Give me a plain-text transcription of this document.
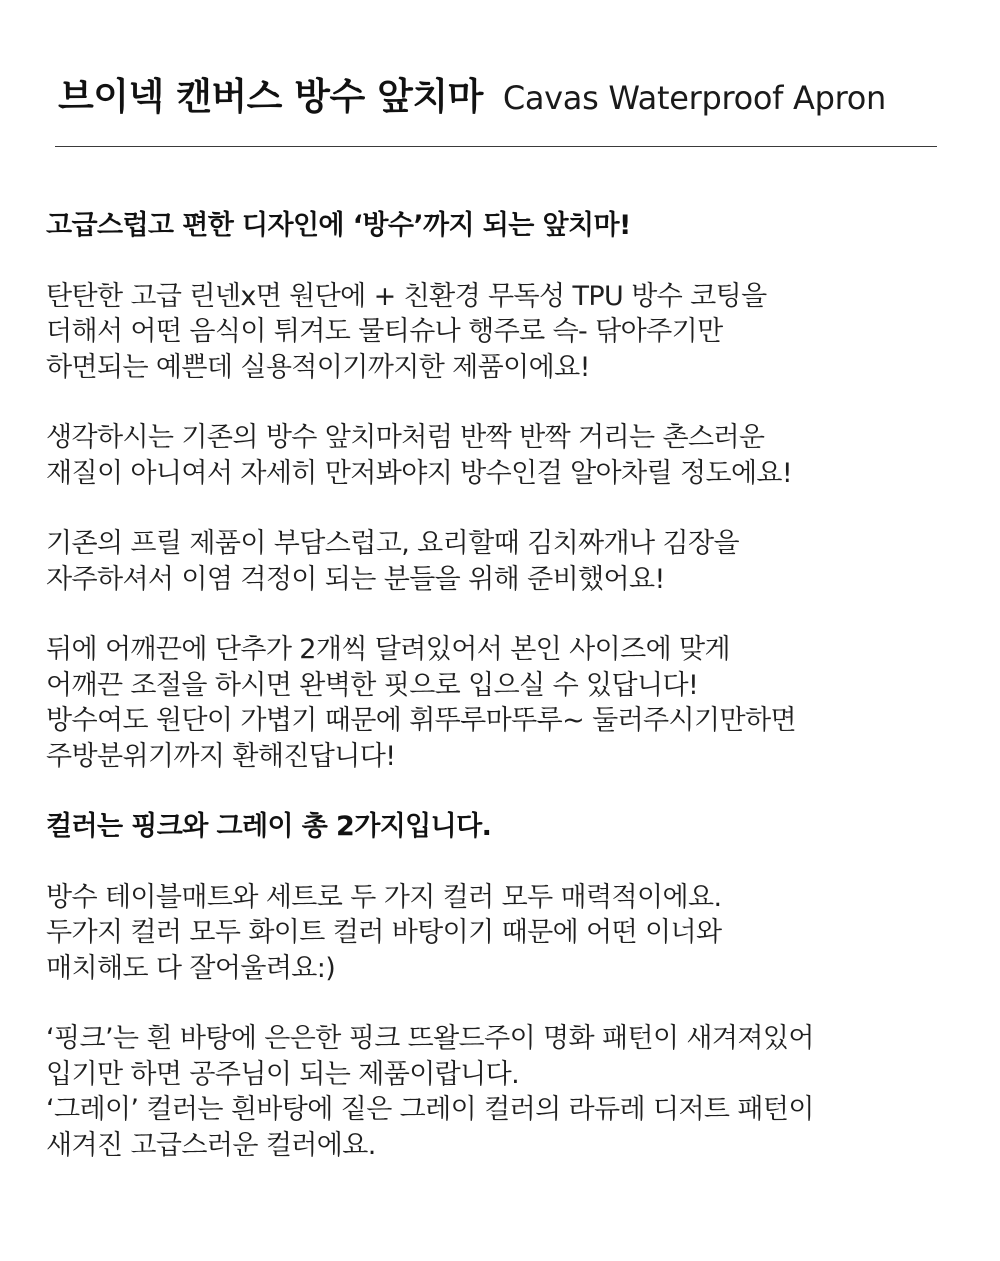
브이넥 캔버스 방수 앞치마 Cavas Waterproof Apron
고급스럽고 편한 디자인에 ‘방수’까지 되는 앞치마!
탄탄한 고급 린넨x면 원단에 + 친환경 무독성 TPU 방수 코팅을
더해서 어떤 음식이 튀겨도 물티슈나 행주로 슥- 닦아주기만
하면되는 예쁜데 실용적이기까지한 제품이에요!
생각하시는 기존의 방수 앞치마처럼 반짝 반짝 거리는 촌스러운
재질이 아니여서 자세히 만저봐야지 방수인걸 알아차릴 정도에요!
기존의 프릴 제품이 부담스럽고, 요리할때 김치짜개나 김장을
자주하셔서 이염 걱정이 되는 분들을 위해 준비했어요!
뒤에 어깨끈에 단추가 2개씩 달려있어서 본인 사이즈에 맞게
어깨끈 조절을 하시면 완벽한 핏으로 입으실 수 있답니다!
방수여도 원단이 가볍기 때문에 휘뚜루마뚜루~ 둘러주시기만하면
주방분위기까지 환해진답니다!
컬러는 핑크와 그레이 총 2가지입니다.
방수 테이블매트와 세트로 두 가지 컬러 모두 매력적이에요.
두가지 컬러 모두 화이트 컬러 바탕이기 때문에 어떤 이너와
매치해도 다 잘어울려요:)
‘핑크’는 흰 바탕에 은은한 핑크 뜨왈드주이 명화 패턴이 새겨져있어
입기만 하면 공주님이 되는 제품이랍니다.
‘그레이’ 컬러는 흰바탕에 짙은 그레이 컬러의 라듀레 디저트 패턴이
새겨진 고급스러운 컬러에요.
